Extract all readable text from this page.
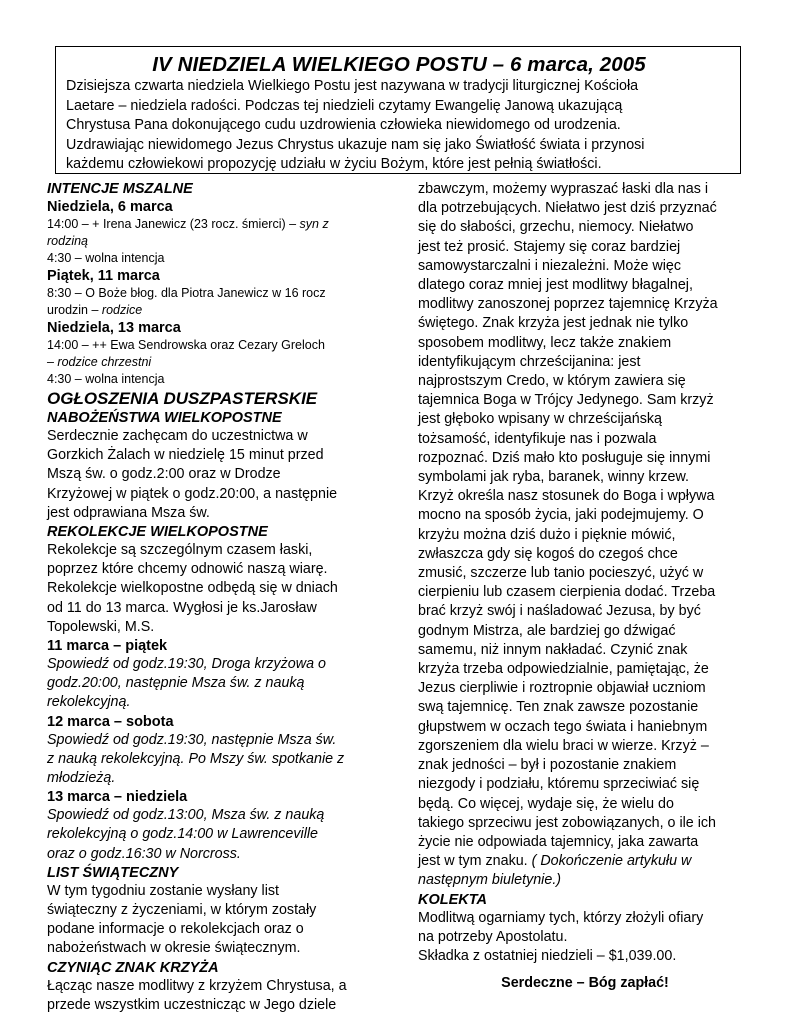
IV NIEDZIELA WIELKIEGO POSTU – 6 marca, 2005

Dzisiejsza czwarta niedziela Wielkiego Postu jest nazywana w tradycji liturgicznej Kościoła

Laetare – niedziela radości. Podczas tej niedzieli czytamy Ewangelię Janową ukazującą

Chrystusa Pana dokonującego cudu uzdrowienia człowieka niewidomego od urodzenia.

Uzdrawiając niewidomego Jezus Chrystus ukazuje nam się jako Światłość świata i przynosi

każdemu człowiekowi propozycję udziału w życiu Bożym, które jest pełnią światłości.

INTENCJE MSZALNE
Niedziela, 6 marca

14:00 – + Irena Janewicz (23 rocz. śmierci) – syn z

rodziną

4:30 – wolna intencja

Piątek, 11 marca

8:30 – O Boże błog. dla Piotra Janewicz w 16 rocz

urodzin – rodzice

Niedziela, 13 marca

14:00 – ++ Ewa Sendrowska oraz Cezary Greloch

– rodzice chrzestni

4:30 – wolna intencja

OGŁOSZENIA DUSZPASTERSKIE
NABOŻEŃSTWA WIELKOPOSTNE

Serdecznie zachęcam do uczestnictwa w

Gorzkich Żalach w niedzielę 15 minut przed

Mszą św. o godz.2:00 oraz w Drodze

Krzyżowej w piątek o godz.20:00, a następnie

jest odprawiana Msza św.

REKOLEKCJE WIELKOPOSTNE

Rekolekcje są szczególnym czasem łaski,

poprzez które chcemy odnowić naszą wiarę.

Rekolekcje wielkopostne odbędą się w dniach

od 11 do 13 marca. Wygłosi je ks.Jarosław

Topolewski, M.S.

11 marca – piątek

Spowiedź od godz.19:30, Droga krzyżowa o

godz.20:00, następnie Msza św. z nauką

rekolekcyjną.

12 marca – sobota

Spowiedź od godz.19:30, następnie Msza św.

z nauką rekolekcyjną. Po Mszy św. spotkanie z

młodzieżą.

13 marca – niedziela

Spowiedź od godz.13:00, Msza św. z nauką

rekolekcyjną o godz.14:00 w Lawrenceville

oraz o godz.16:30 w Norcross.

LIST ŚWIĄTECZNY

W tym tygodniu zostanie wysłany list

świąteczny z życzeniami, w którym zostały

podane informacje o rekolekcjach oraz o

nabożeństwach w okresie świątecznym.

CZYNIĄC ZNAK KRZYŻA

Łącząc nasze modlitwy z krzyżem Chrystusa, a

przede wszystkim uczestnicząc w Jego dziele

zbawczym, możemy wypraszać łaski dla nas i

dla potrzebujących. Niełatwo jest dziś przyznać

się do słabości, grzechu, niemocy. Niełatwo

jest też prosić. Stajemy się coraz bardziej

samowystarczalni i niezależni. Może więc

dlatego coraz mniej jest modlitwy błagalnej,

modlitwy zanoszonej poprzez tajemnicę Krzyża

świętego. Znak krzyża jest jednak nie tylko

sposobem modlitwy, lecz także znakiem

identyfikującym chrześcijanina: jest

najprostszym Credo, w którym zawiera się

tajemnica Boga w Trójcy Jedynego. Sam krzyż

jest głęboko wpisany w chrześcijańską

tożsamość, identyfikuje nas i pozwala

rozpoznać. Dziś mało kto posługuje się innymi

symbolami jak ryba, baranek, winny krzew.

Krzyż określa nasz stosunek do Boga i wpływa

mocno na sposób życia, jaki podejmujemy. O

krzyżu można dziś dużo i pięknie mówić,

zwłaszcza gdy się kogoś do czegoś chce

zmusić, szczerze lub tanio pocieszyć, użyć w

cierpieniu lub czasem cierpienia dodać. Trzeba

brać krzyż swój i naśladować Jezusa, by być

godnym Mistrza, ale bardziej go dźwigać

samemu, niż innym nakładać. Czynić znak

krzyża trzeba odpowiedzialnie, pamiętając, że

Jezus cierpliwie i roztropnie objawiał uczniom

swą tajemnicę. Ten znak zawsze pozostanie

głupstwem w oczach tego świata i haniebnym

zgorszeniem dla wielu braci w wierze. Krzyż –

znak jedności – był i pozostanie znakiem

niezgody i podziału, któremu sprzeciwiać się

będą. Co więcej, wydaje się, że wielu do

takiego sprzeciwu jest zobowiązanych, o ile ich

życie nie odpowiada tajemnicy, jaka zawarta

jest w tym znaku. ( Dokończenie artykułu w

następnym biuletynie.)

KOLEKTA

Modlitwą ogarniamy tych, którzy złożyli ofiary

na potrzeby Apostolatu.

Składka z ostatniej niedzieli – $1,039.00.

Serdeczne – Bóg zapłać!
